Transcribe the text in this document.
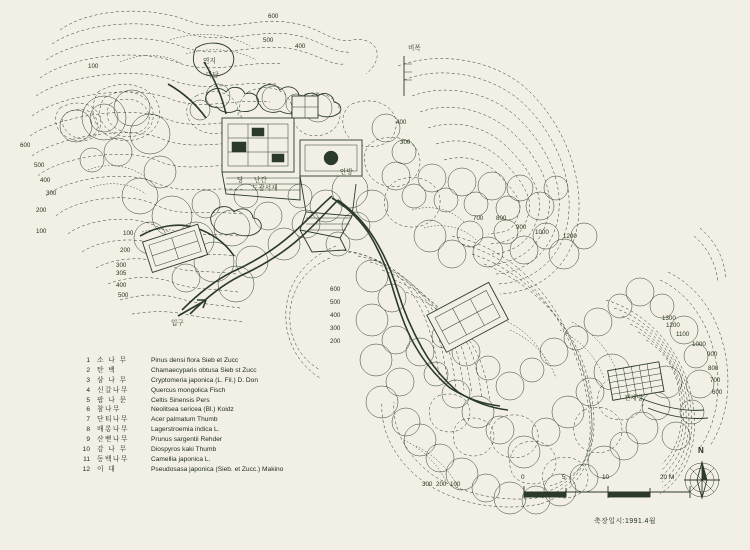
600
500
400
연지
마당
비폭
100
400
300
600
500
400
300
200
100
당 난간
안방
도광서재
100
200
300
305
400
500
입구
600
500
400
300
200
700 800
900
1000
1200
1300
1200
1100
1000
900
800
700
600
전재방
300 200 100
1	소 나 무	Pinus densi flora Sieb et Zucc
2	탄 백	Chamaecyparis obtusa Sieb st Zucc
3	삼 나 무	Cryptomeria japonica (L. Fil.) D. Don
4	신갈나무	Quercus mongolica Fisch
5	팝 나 문	Celtis Sinensis Pers
6	참나무	Neolitsea sericea (Bl.) Koidz
7	단티나무	Acer palmatum Thumb
8	배롱나무	Lagerstroemia indica L.
9	산뻗나무	Prunus sargentii Rehder
10	감 나 무	Diospyros kaki Thumb
11	동백나무	Camellia japonica L.
12	이 대	Pseudosasa japonica (Sieb. et Zucc.) Makino
0	5	10	20 M
축장일시:1991.4월
N
